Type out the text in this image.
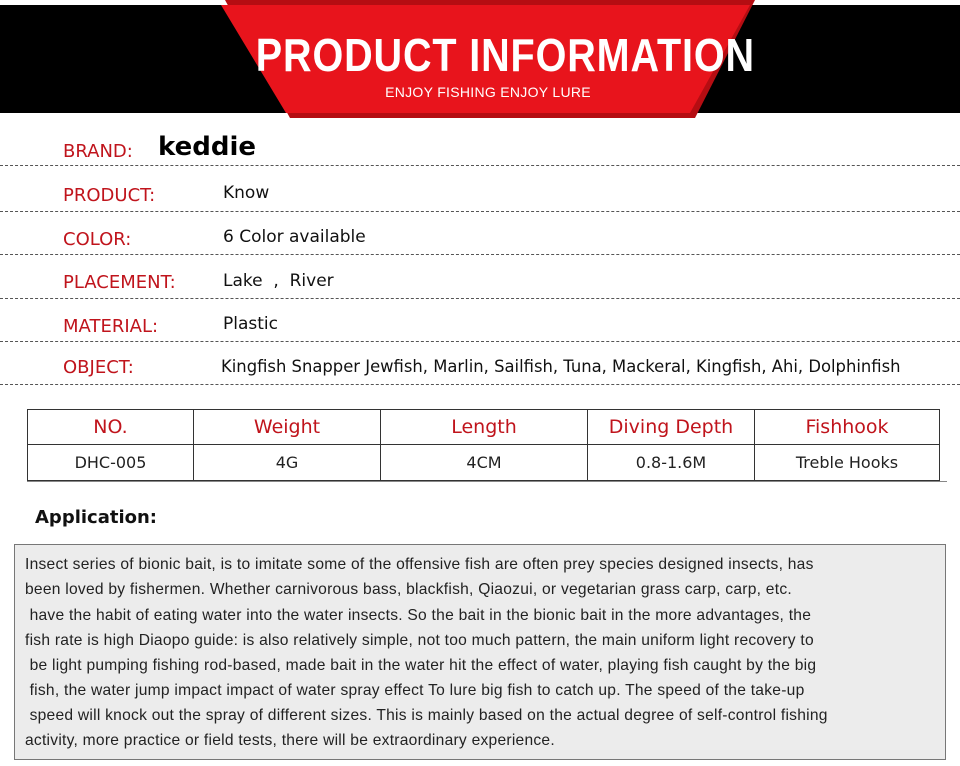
PRODUCT INFORMATION
ENJOY FISHING ENJOY LURE
BRAND: keddie
PRODUCT:	Know
COLOR:	6 Color available
PLACEMENT:	Lake  ,  River
MATERIAL:	Plastic
OBJECT:	Kingfish Snapper Jewfish, Marlin, Sailfish, Tuna, Mackeral, Kingfish, Ahi, Dolphinfish
NO.	Weight	Length	Diving Depth	Fishhook
DHC-005	4G	4CM	0.8-1.6M	Treble Hooks
Application:
Insect series of bionic bait, is to imitate some of the offensive fish are often prey species designed insects, has
been loved by fishermen. Whether carnivorous bass, blackfish, Qiaozui, or vegetarian grass carp, carp, etc.
have the habit of eating water into the water insects. So the bait in the bionic bait in the more advantages, the
fish rate is high Diaopo guide: is also relatively simple, not too much pattern, the main uniform light recovery to
be light pumping fishing rod-based, made bait in the water hit the effect of water, playing fish caught by the big
fish, the water jump impact impact of water spray effect To lure big fish to catch up. The speed of the take-up
speed will knock out the spray of different sizes. This is mainly based on the actual degree of self-control fishing
activity, more practice or field tests, there will be extraordinary experience.
